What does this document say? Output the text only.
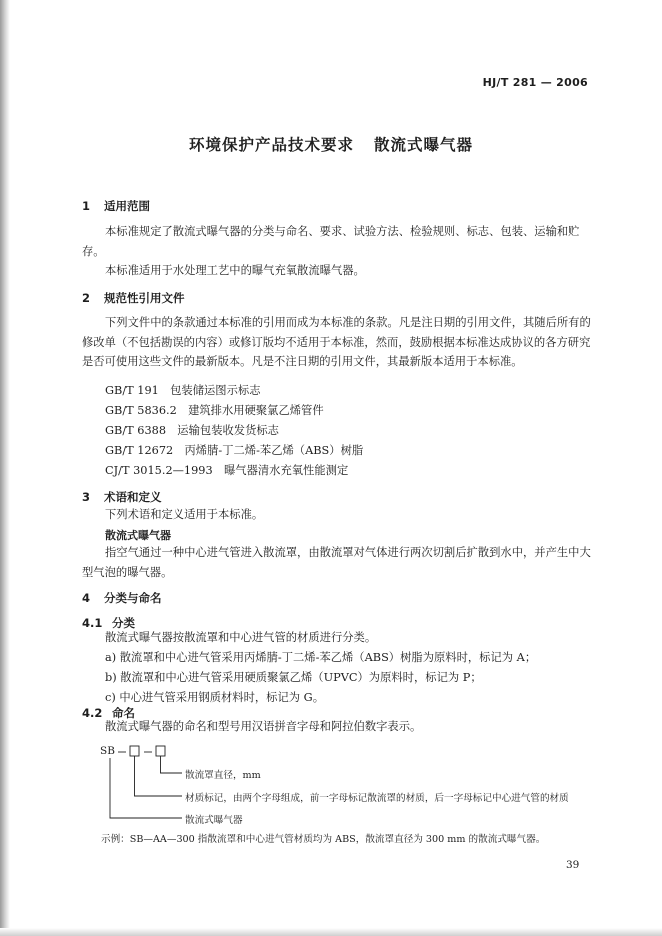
HJ/T 281 — 2006
环境保护产品技术要求 散流式曝气器
1 适用范围
本标准规定了散流式曝气器的分类与命名、要求、试验方法、检验规则、标志、包装、运输和贮存。
本标准适用于水处理工艺中的曝气充氧散流曝气器。
2 规范性引用文件
下列文件中的条款通过本标准的引用而成为本标准的条款。凡是注日期的引用文件，其随后所有的修改单（不包括勘误的内容）或修订版均不适用于本标准，然而，鼓励根据本标准达成协议的各方研究是否可使用这些文件的最新版本。凡是不注日期的引用文件，其最新版本适用于本标准。
GB/T 191　包装储运图示标志
GB/T 5836.2　建筑排水用硬聚氯乙烯管件
GB/T 6388　运输包装收发货标志
GB/T 12672　丙烯腈-丁二烯-苯乙烯（ABS）树脂
CJ/T 3015.2—1993　曝气器清水充氧性能测定
3 术语和定义
下列术语和定义适用于本标准。
散流式曝气器
指空气通过一种中心进气管进入散流罩，由散流罩对气体进行两次切割后扩散到水中，并产生中大型气泡的曝气器。
4 分类与命名
4.1 分类
散流式曝气器按散流罩和中心进气管的材质进行分类。
a) 散流罩和中心进气管采用丙烯腈-丁二烯-苯乙烯（ABS）树脂为原料时，标记为 A；
b) 散流罩和中心进气管采用硬质聚氯乙烯（UPVC）为原料时，标记为 P；
c) 中心进气管采用钢质材料时，标记为 G。
4.2 命名
散流式曝气器的命名和型号用汉语拼音字母和阿拉伯数字表示。
SB
散流罩直径，mm
材质标记，由两个字母组成，前一字母标记散流罩的材质，后一字母标记中心进气管的材质
散流式曝气器
示例：SB—AA—300 指散流罩和中心进气管材质均为 ABS，散流罩直径为 300 mm 的散流式曝气器。
39
